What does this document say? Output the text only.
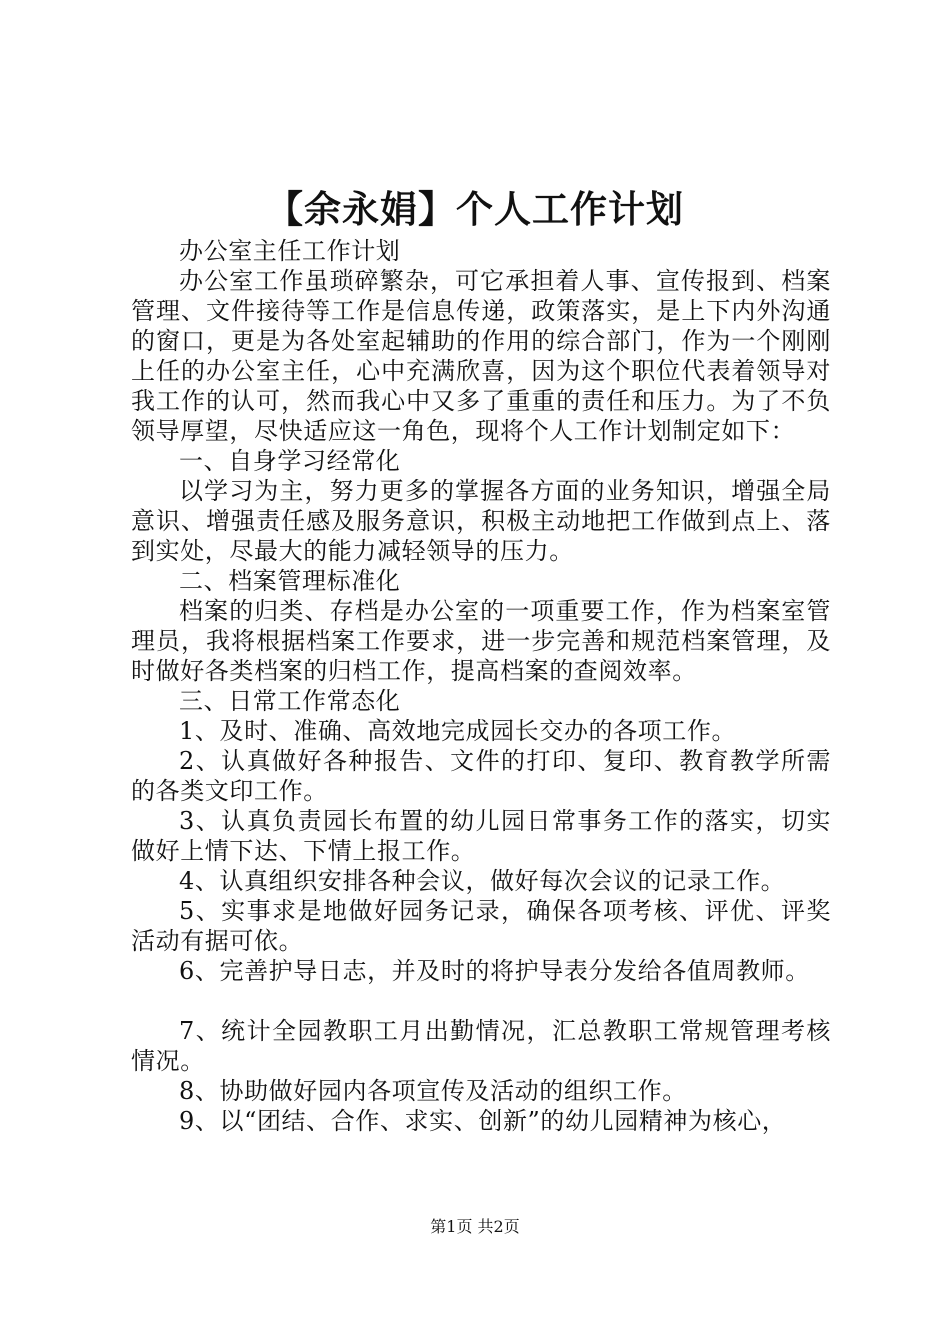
【余永娟】个人工作计划

办公室主任工作计划

办公室工作虽琐碎繁杂，可它承担着人事、宣传报到、档案管理、文件接待等工作是信息传递，政策落实，是上下内外沟通的窗口，更是为各处室起辅助的作用的综合部门，作为一个刚刚上任的办公室主任，心中充满欣喜，因为这个职位代表着领导对我工作的认可，然而我心中又多了重重的责任和压力。为了不负领导厚望，尽快适应这一角色，现将个人工作计划制定如下：

一、自身学习经常化

以学习为主，努力更多的掌握各方面的业务知识，增强全局意识、增强责任感及服务意识，积极主动地把工作做到点上、落到实处，尽最大的能力减轻领导的压力。

二、档案管理标准化

档案的归类、存档是办公室的一项重要工作，作为档案室管理员，我将根据档案工作要求，进一步完善和规范档案管理，及时做好各类档案的归档工作，提高档案的查阅效率。

三、日常工作常态化

1、及时、准确、高效地完成园长交办的各项工作。

2、认真做好各种报告、文件的打印、复印、教育教学所需的各类文印工作。

3、认真负责园长布置的幼儿园日常事务工作的落实，切实做好上情下达、下情上报工作。

4、认真组织安排各种会议，做好每次会议的记录工作。

5、实事求是地做好园务记录，确保各项考核、评优、评奖活动有据可依。

6、完善护导日志，并及时的将护导表分发给各值周教师。

7、统计全园教职工月出勤情况，汇总教职工常规管理考核情况。

8、协助做好园内各项宣传及活动的组织工作。

9、以“团结、合作、求实、创新”的幼儿园精神为核心，

第1页 共2页
